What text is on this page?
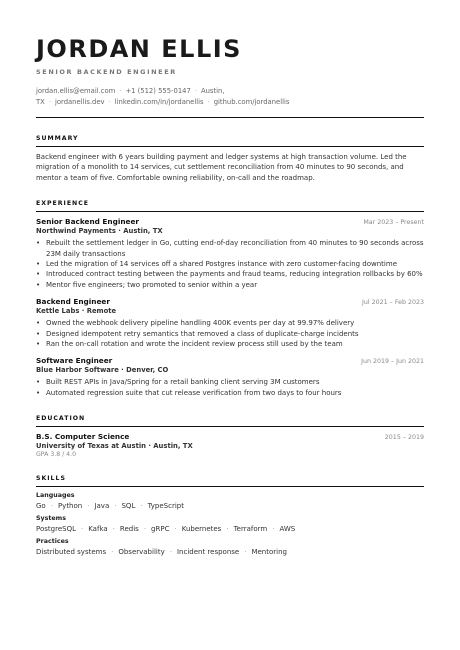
JORDAN ELLIS
SENIOR BACKEND ENGINEER
jordan.ellis@email.com · +1 (512) 555-0147 · Austin, TX · jordanellis.dev · linkedin.com/in/jordanellis · github.com/jordanellis
SUMMARY

Backend engineer with 6 years building payment and ledger systems at high transaction volume. Led the migration of a monolith to 14 services, cut settlement reconciliation from 40 minutes to 90 seconds, and mentor a team of five. Comfortable owning reliability, on-call and the roadmap.

EXPERIENCE
Senior Backend Engineer	Mar 2023 – Present
Northwind Payments · Austin, TX
• Rebuilt the settlement ledger in Go, cutting end-of-day reconciliation from 40 minutes to 90 seconds across 23M daily transactions
• Led the migration of 14 services off a shared Postgres instance with zero customer-facing downtime
• Introduced contract testing between the payments and fraud teams, reducing integration rollbacks by 60%
• Mentor five engineers; two promoted to senior within a year
Backend Engineer	Jul 2021 – Feb 2023
Kettle Labs · Remote
• Owned the webhook delivery pipeline handling 400K events per day at 99.97% delivery
• Designed idempotent retry semantics that removed a class of duplicate-charge incidents
• Ran the on-call rotation and wrote the incident review process still used by the team
Software Engineer	Jun 2019 – Jun 2021
Blue Harbor Software · Denver, CO
• Built REST APIs in Java/Spring for a retail banking client serving 3M customers
• Automated regression suite that cut release verification from two days to four hours
EDUCATION
B.S. Computer Science	2015 – 2019
University of Texas at Austin · Austin, TX
GPA 3.8 / 4.0
SKILLS
Languages
Go · Python · Java · SQL · TypeScript
Systems
PostgreSQL · Kafka · Redis · gRPC · Kubernetes · Terraform · AWS
Practices
Distributed systems · Observability · Incident response · Mentoring
